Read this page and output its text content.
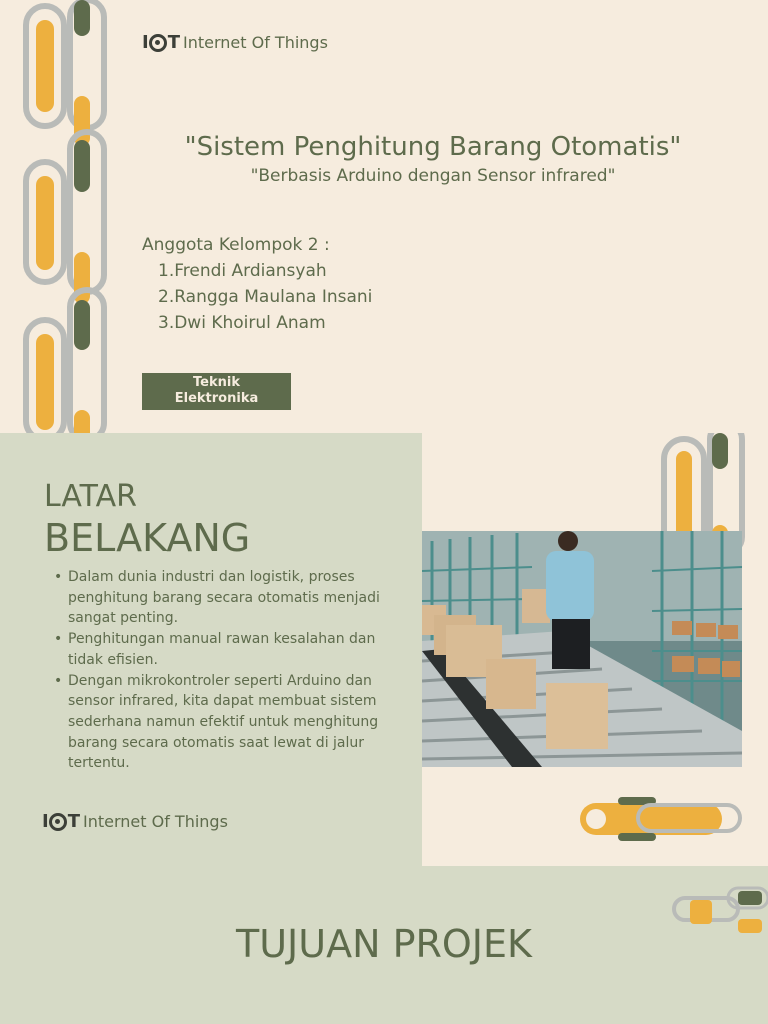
I T Internet Of Things
"Sistem Penghitung Barang Otomatis"
"Berbasis Arduino dengan Sensor infrared"
Anggota Kelompok 2 :
1.Frendi Ardiansyah
2.Rangga Maulana Insani
3.Dwi Khoirul Anam
Teknik
Elektronika
LATAR
BELAKANG
• Dalam dunia industri dan logistik, proses penghitung barang secara otomatis menjadi sangat penting.
• Penghitungan manual rawan kesalahan dan tidak efisien.
• Dengan mikrokontroler seperti Arduino dan sensor infrared, kita dapat membuat sistem sederhana namun efektif untuk menghitung barang secara otomatis saat lewat di jalur tertentu.
I T Internet Of Things
TUJUAN PROJEK
